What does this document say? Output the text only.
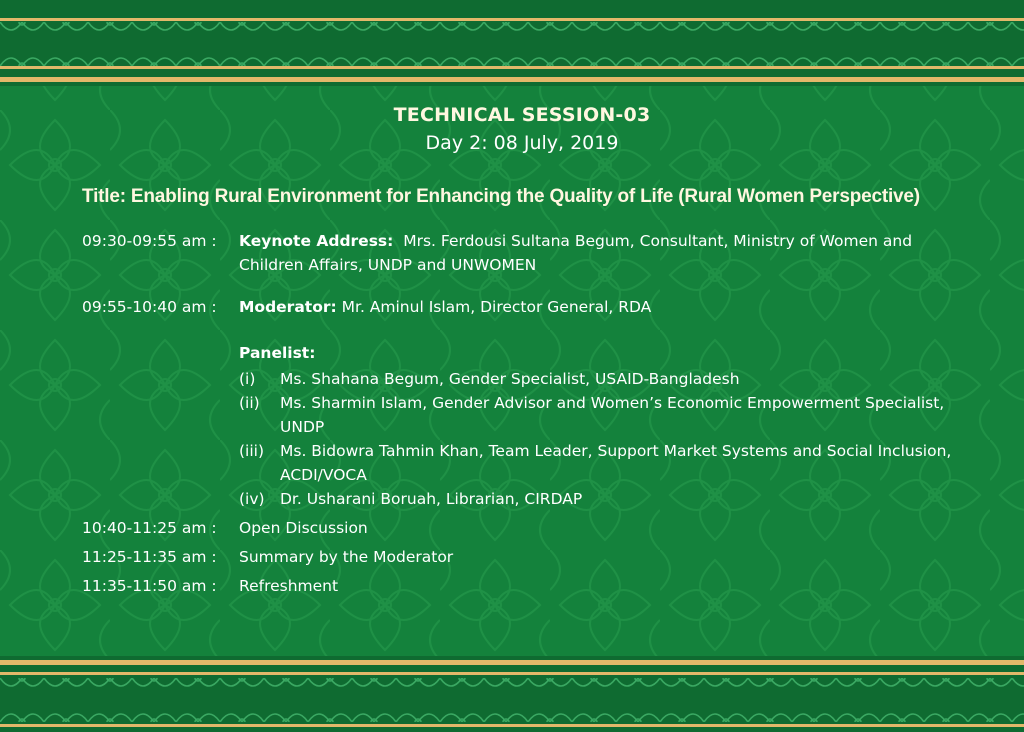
TECHNICAL SESSION-03
Day 2: 08 July, 2019
Title: Enabling Rural Environment for Enhancing the Quality of Life (Rural Women Perspective)
09:30-09:55 am : Keynote Address: Mrs. Ferdousi Sultana Begum, Consultant, Ministry of Women and Children Affairs, UNDP and UNWOMEN
09:55-10:40 am : Moderator: Mr. Aminul Islam, Director General, RDA
Panelist:
(i) Ms. Shahana Begum, Gender Specialist, USAID-Bangladesh
(ii) Ms. Sharmin Islam, Gender Advisor and Women’s Economic Empowerment Specialist, UNDP
(iii) Ms. Bidowra Tahmin Khan, Team Leader, Support Market Systems and Social Inclusion, ACDI/VOCA
(iv) Dr. Usharani Boruah, Librarian, CIRDAP
10:40-11:25 am : Open Discussion
11:25-11:35 am : Summary by the Moderator
11:35-11:50 am : Refreshment
